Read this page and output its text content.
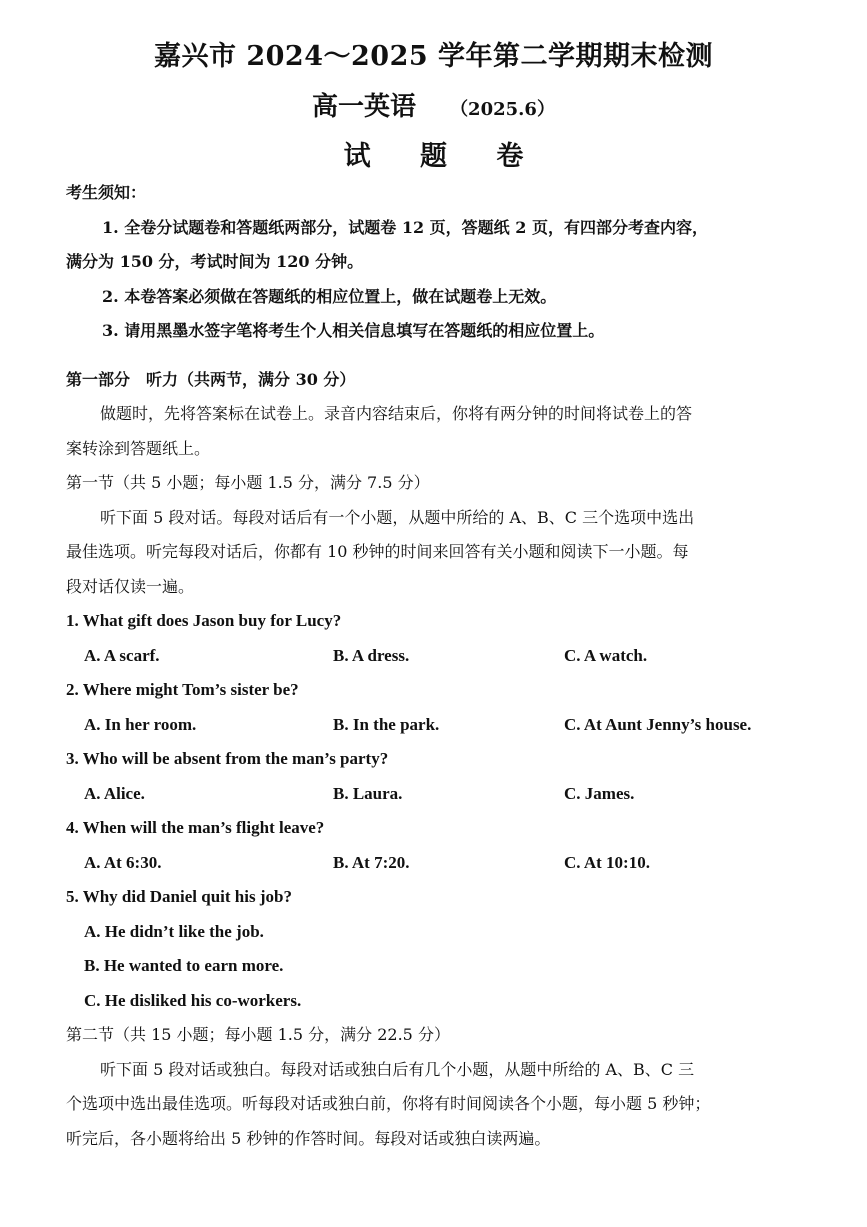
嘉兴市 2024～2025 学年第二学期期末检测
高一英语 （2025.6）
试 题 卷
考生须知：
1. 全卷分试题卷和答题纸两部分，试题卷 12 页，答题纸 2 页，有四部分考查内容，
满分为 150 分，考试时间为 120 分钟。
2. 本卷答案必须做在答题纸的相应位置上，做在试题卷上无效。
3. 请用黑墨水签字笔将考生个人相关信息填写在答题纸的相应位置上。
第一部分　听力（共两节，满分 30 分）
做题时，先将答案标在试卷上。录音内容结束后，你将有两分钟的时间将试卷上的答
案转涂到答题纸上。
第一节（共 5 小题；每小题 1.5 分，满分 7.5 分）
听下面 5 段对话。每段对话后有一个小题，从题中所给的 A、B、C 三个选项中选出
最佳选项。听完每段对话后，你都有 10 秒钟的时间来回答有关小题和阅读下一小题。每
段对话仅读一遍。
1. What gift does Jason buy for Lucy?
A. A scarf.	B. A dress.	C. A watch.
2. Where might Tom’s sister be?
A. In her room.	B. In the park.	C. At Aunt Jenny’s house.
3. Who will be absent from the man’s party?
A. Alice.	B. Laura.	C. James.
4. When will the man’s flight leave?
A. At 6:30.	B. At 7:20.	C. At 10:10.
5. Why did Daniel quit his job?
A. He didn’t like the job.
B. He wanted to earn more.
C. He disliked his co-workers.
第二节（共 15 小题；每小题 1.5 分，满分 22.5 分）
听下面 5 段对话或独白。每段对话或独白后有几个小题，从题中所给的 A、B、C 三
个选项中选出最佳选项。听每段对话或独白前，你将有时间阅读各个小题，每小题 5 秒钟；
听完后，各小题将给出 5 秒钟的作答时间。每段对话或独白读两遍。
